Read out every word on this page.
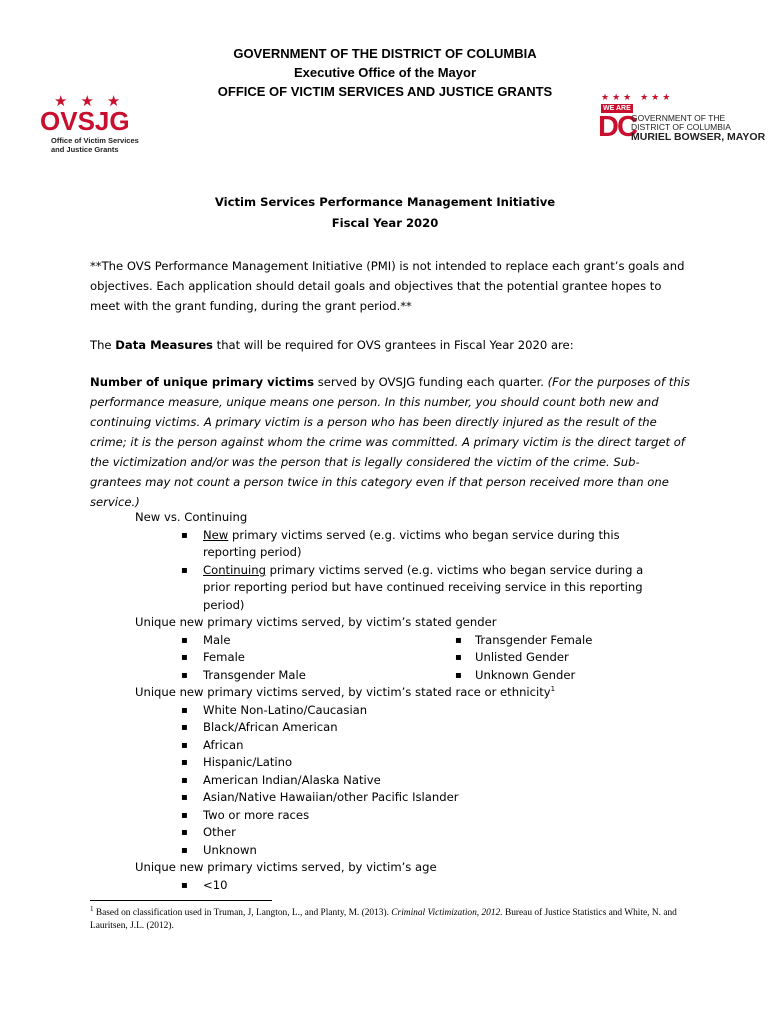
GOVERNMENT OF THE DISTRICT OF COLUMBIA
Executive Office of the Mayor
OFFICE OF VICTIM SERVICES AND JUSTICE GRANTS
★★★
OVSJG
Office of Victim Services
and Justice Grants
★★★ ★★★
WE ARE
DC
GOVERNMENT OF THE
DISTRICT OF COLUMBIA
MURIEL BOWSER, MAYOR
Victim Services Performance Management Initiative
Fiscal Year 2020
**The OVS Performance Management Initiative (PMI) is not intended to replace each grant’s goals and objectives. Each application should detail goals and objectives that the potential grantee hopes to meet with the grant funding, during the grant period.**
The Data Measures that will be required for OVS grantees in Fiscal Year 2020 are:
Number of unique primary victims served by OVSJG funding each quarter. (For the purposes of this performance measure, unique means one person. In this number, you should count both new and continuing victims. A primary victim is a person who has been directly injured as the result of the crime; it is the person against whom the crime was committed. A primary victim is the direct target of the victimization and/or was the person that is legally considered the victim of the crime. Sub-grantees may not count a person twice in this category even if that person received more than one service.)
New vs. Continuing
▪ New primary victims served (e.g. victims who began service during this reporting period)
▪ Continuing primary victims served (e.g. victims who began service during a prior reporting period but have continued receiving service in this reporting period)
Unique new primary victims served, by victim’s stated gender
▪ Male
▪ Female
▪ Transgender Male
▪ Transgender Female
▪ Unlisted Gender
▪ Unknown Gender
Unique new primary victims served, by victim’s stated race or ethnicity$^1$
▪ White Non-Latino/Caucasian
▪ Black/African American
▪ African
▪ Hispanic/Latino
▪ American Indian/Alaska Native
▪ Asian/Native Hawaiian/other Pacific Islander
▪ Two or more races
▪ Other
▪ Unknown
Unique new primary victims served, by victim’s age
▪ <10
$^1$ Based on classification used in Truman, J, Langton, L., and Planty, M. (2013). Criminal Victimization, 2012. Bureau of Justice Statistics and White, N. and Lauritsen, J.L. (2012).
